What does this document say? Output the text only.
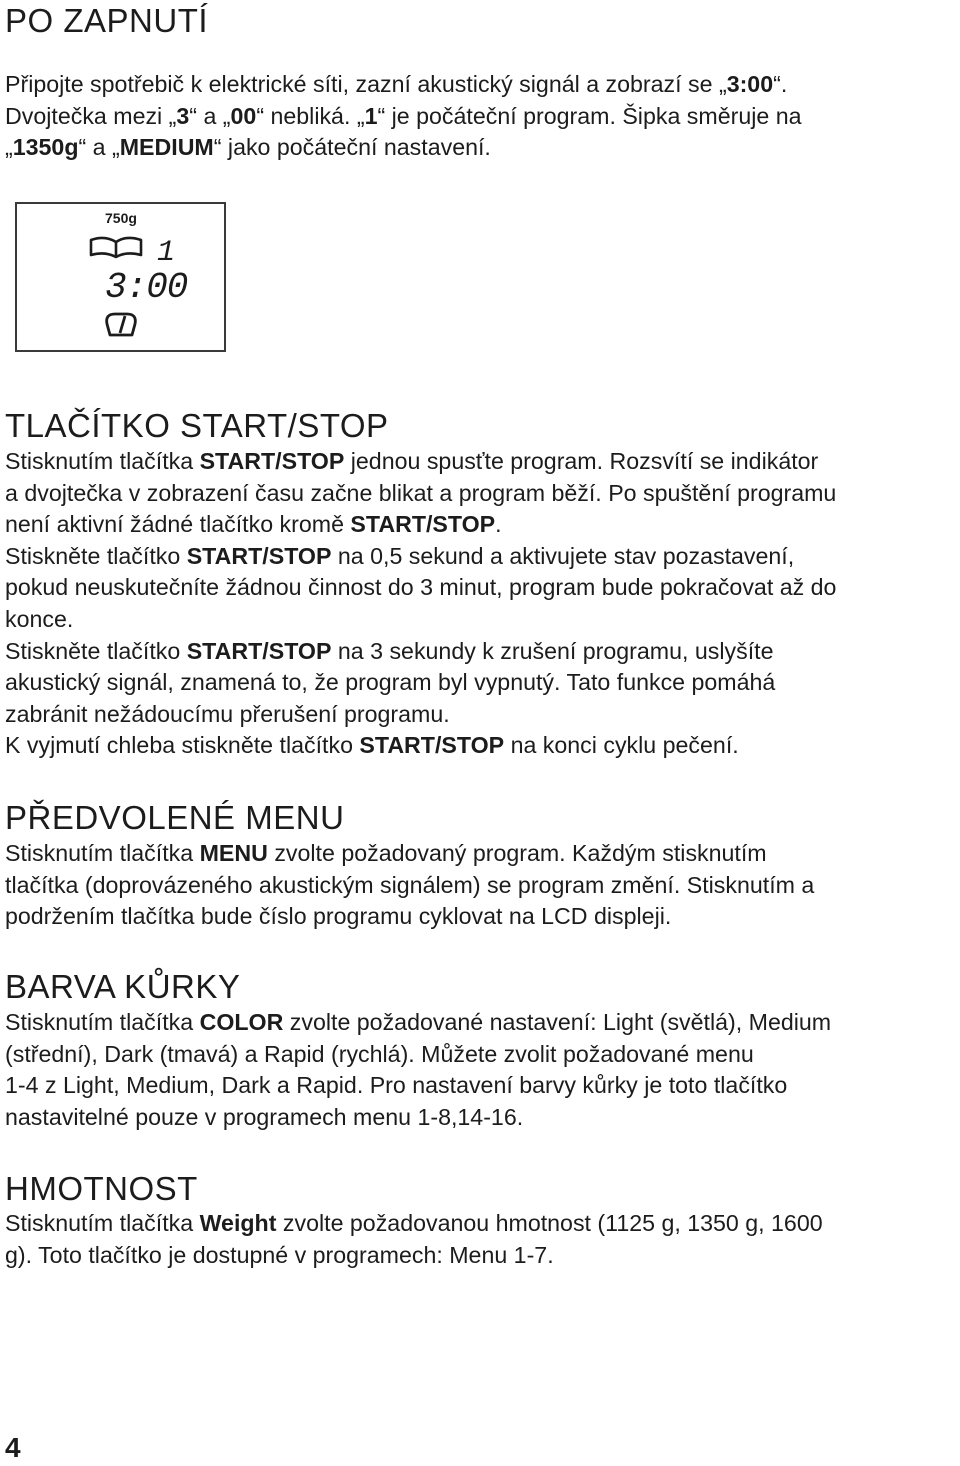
PO ZAPNUTÍ

Připojte spotřebič k elektrické síti, zazní akustický signál a zobrazí se „3:00“.
Dvojtečka mezi „3“ a „00“ nebliká. „1“ je počáteční program. Šipka směruje na
„1350g“ a „MEDIUM“ jako počáteční nastavení.

750g
1
3:00
TLAČÍTKO START/STOP

Stisknutím tlačítka START/STOP jednou spusťte program. Rozsvítí se indikátor
a dvojtečka v zobrazení času začne blikat a program běží. Po spuštění programu
není aktivní žádné tlačítko kromě START/STOP.
Stiskněte tlačítko START/STOP na 0,5 sekund a aktivujete stav pozastavení,
pokud neuskutečníte žádnou činnost do 3 minut, program bude pokračovat až do
konce.
Stiskněte tlačítko START/STOP na 3 sekundy k zrušení programu, uslyšíte
akustický signál, znamená to, že program byl vypnutý. Tato funkce pomáhá
zabránit nežádoucímu přerušení programu.
K vyjmutí chleba stiskněte tlačítko START/STOP na konci cyklu pečení.

PŘEDVOLENÉ MENU

Stisknutím tlačítka MENU zvolte požadovaný program. Každým stisknutím
tlačítka (doprovázeného akustickým signálem) se program změní. Stisknutím a
podržením tlačítka bude číslo programu cyklovat na LCD displeji.

BARVA KŮRKY

Stisknutím tlačítka COLOR zvolte požadované nastavení: Light (světlá), Medium
(střední), Dark (tmavá) a Rapid (rychlá). Můžete zvolit požadované menu
1-4 z Light, Medium, Dark a Rapid. Pro nastavení barvy kůrky je toto tlačítko
nastavitelné pouze v programech menu 1-8,14-16.

HMOTNOST

Stisknutím tlačítka Weight zvolte požadovanou hmotnost (1125 g, 1350 g, 1600
g). Toto tlačítko je dostupné v programech: Menu 1-7.

4
